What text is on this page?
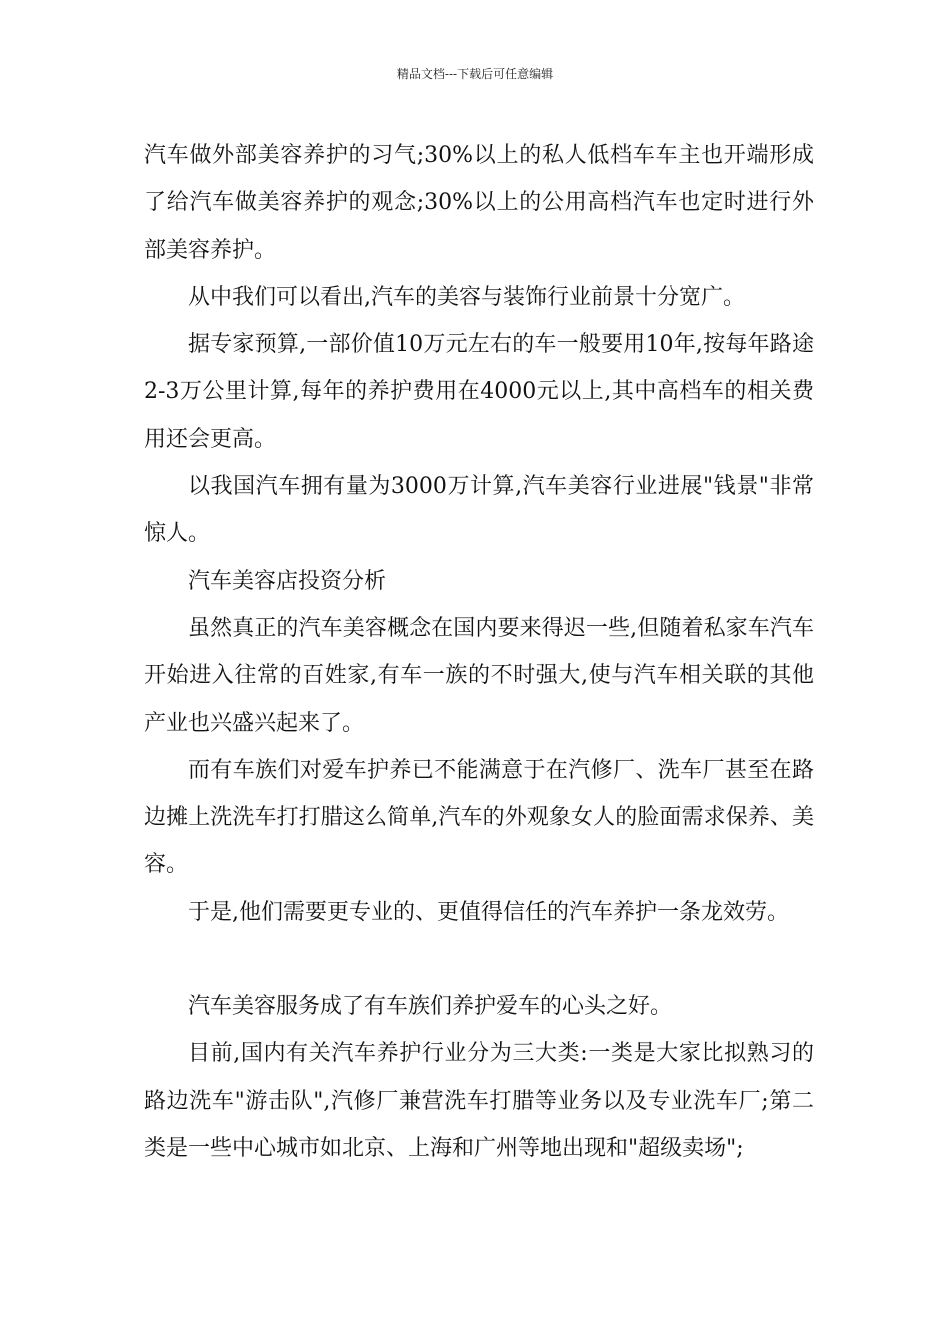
精品文档---下载后可任意编辑

汽车做外部美容养护的习气;30%以上的私人低档车车主也开端形成了给汽车做美容养护的观念;30%以上的公用高档汽车也定时进行外部美容养护。

从中我们可以看出,汽车的美容与装饰行业前景十分宽广。

据专家预算,一部价值10万元左右的车一般要用10年,按每年路途2-3万公里计算,每年的养护费用在4000元以上,其中高档车的相关费用还会更高。

以我国汽车拥有量为3000万计算,汽车美容行业进展"钱景"非常惊人。

汽车美容店投资分析

虽然真正的汽车美容概念在国内要来得迟一些,但随着私家车汽车开始进入往常的百姓家,有车一族的不时强大,使与汽车相关联的其他产业也兴盛兴起来了。

而有车族们对爱车护养已不能满意于在汽修厂、洗车厂甚至在路边摊上洗洗车打打腊这么简单,汽车的外观象女人的脸面需求保养、美容。

于是,他们需要更专业的、更值得信任的汽车养护一条龙效劳。

汽车美容服务成了有车族们养护爱车的心头之好。

目前,国内有关汽车养护行业分为三大类:一类是大家比拟熟习的路边洗车"游击队",汽修厂兼营洗车打腊等业务以及专业洗车厂;第二类是一些中心城市如北京、上海和广州等地出现和"超级卖场";
